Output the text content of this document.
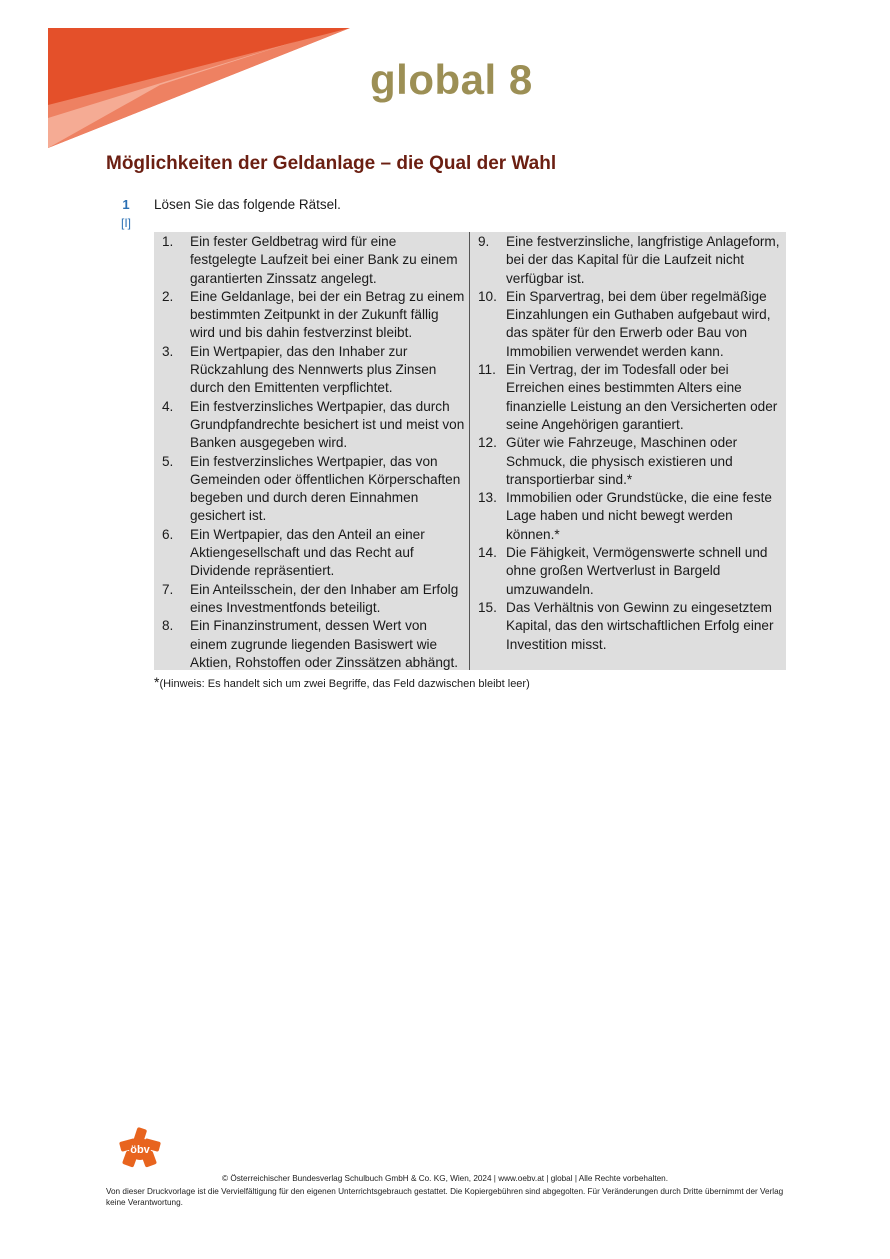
global 8
Möglichkeiten der Geldanlage – die Qual der Wahl
1
[I]
Lösen Sie das folgende Rätsel.
1.	Ein fester Geldbetrag wird für eine festgelegte Laufzeit bei einer Bank zu einem garantierten Zinssatz angelegt.
2.	Eine Geldanlage, bei der ein Betrag zu einem bestimmten Zeitpunkt in der Zukunft fällig wird und bis dahin festverzinst bleibt.
3.	Ein Wertpapier, das den Inhaber zur Rückzahlung des Nennwerts plus Zinsen durch den Emittenten verpflichtet.
4.	Ein festverzinsliches Wertpapier, das durch Grundpfandrechte besichert ist und meist von Banken ausgegeben wird.
5.	Ein festverzinsliches Wertpapier, das von Gemeinden oder öffentlichen Körperschaften begeben und durch deren Einnahmen gesichert ist.
6.	Ein Wertpapier, das den Anteil an einer Aktiengesellschaft und das Recht auf Dividende repräsentiert.
7.	Ein Anteilsschein, der den Inhaber am Erfolg eines Investmentfonds beteiligt.
8.	Ein Finanzinstrument, dessen Wert von einem zugrunde liegenden Basiswert wie Aktien, Rohstoffen oder Zinssätzen abhängt.
9.	Eine festverzinsliche, langfristige Anlageform, bei der das Kapital für die Laufzeit nicht verfügbar ist.
10. Ein Sparvertrag, bei dem über regelmäßige Einzahlungen ein Guthaben aufgebaut wird, das später für den Erwerb oder Bau von Immobilien verwendet werden kann.
11. Ein Vertrag, der im Todesfall oder bei Erreichen eines bestimmten Alters eine finanzielle Leistung an den Versicherten oder seine Angehörigen garantiert.
12. Güter wie Fahrzeuge, Maschinen oder Schmuck, die physisch existieren und transportierbar sind.*
13. Immobilien oder Grundstücke, die eine feste Lage haben und nicht bewegt werden können.*
14. Die Fähigkeit, Vermögenswerte schnell und ohne großen Wertverlust in Bargeld umzuwandeln.
15. Das Verhältnis von Gewinn zu eingesetztem Kapital, das den wirtschaftlichen Erfolg einer Investition misst.
*(Hinweis: Es handelt sich um zwei Begriffe, das Feld dazwischen bleibt leer)
öbv
© Österreichischer Bundesverlag Schulbuch GmbH & Co. KG, Wien, 2024 | www.oebv.at | global | Alle Rechte vorbehalten.
Von dieser Druckvorlage ist die Vervielfältigung für den eigenen Unterrichtsgebrauch gestattet. Die Kopiergebühren sind abgegolten. Für Veränderungen durch Dritte übernimmt der Verlag keine Verantwortung.
